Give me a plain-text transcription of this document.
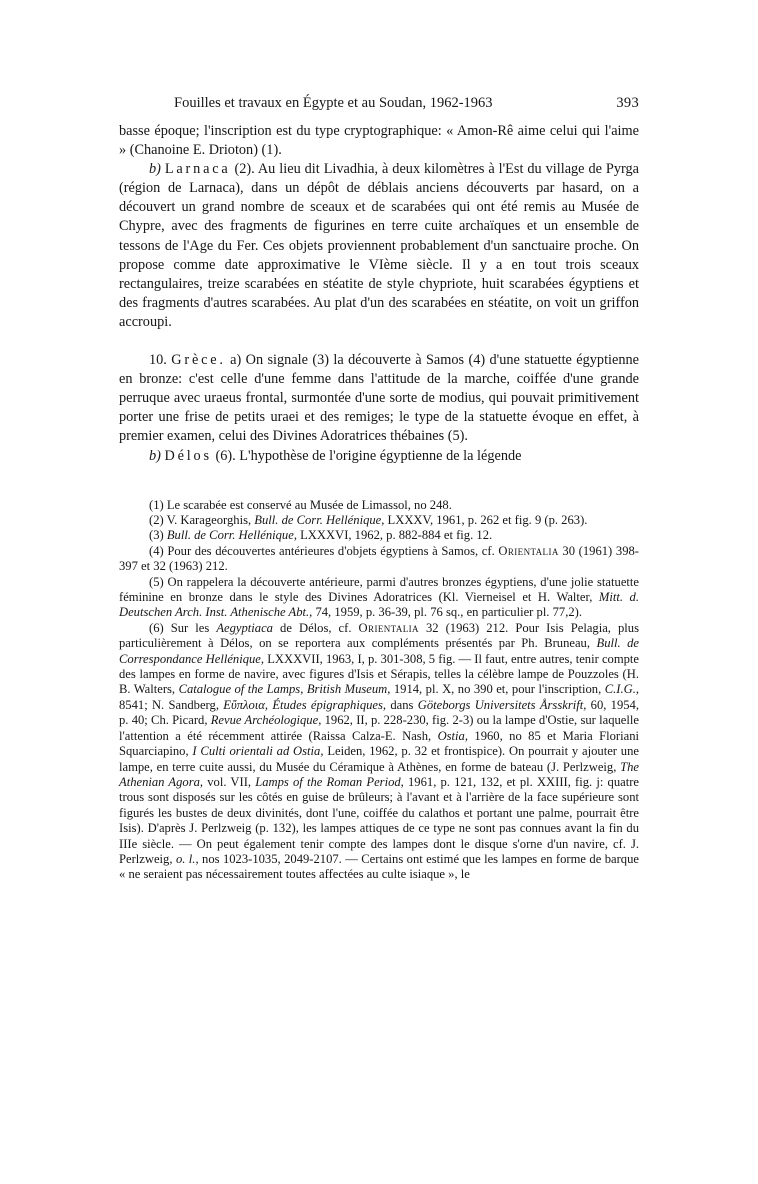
Fouilles et travaux en Égypte et au Soudan, 1962-1963	393

basse époque; l'inscription est du type cryptographique: « Amon-Rê aime celui qui l'aime » (Chanoine E. Drioton) (1).

b) Larnaca (2). Au lieu dit Livadhia, à deux kilomètres à l'Est du village de Pyrga (région de Larnaca), dans un dépôt de déblais anciens découverts par hasard, on a découvert un grand nombre de sceaux et de scarabées qui ont été remis au Musée de Chypre, avec des fragments de figurines en terre cuite archaïques et un ensemble de tessons de l'Age du Fer. Ces objets proviennent probablement d'un sanctuaire proche. On propose comme date approximative le VIème siècle. Il y a en tout trois sceaux rectangulaires, treize scarabées en stéatite de style chypriote, huit scarabées égyptiens et des fragments d'autres scarabées. Au plat d'un des scarabées en stéatite, on voit un griffon accroupi.

10. Grèce. a) On signale (3) la découverte à Samos (4) d'une statuette égyptienne en bronze: c'est celle d'une femme dans l'attitude de la marche, coiffée d'une grande perruque avec uraeus frontal, surmontée d'une sorte de modius, qui pouvait primitivement porter une frise de petits uraei et des remiges; le type de la statuette évoque en effet, à premier examen, celui des Divines Adoratrices thébaines (5).

b) Délos (6). L'hypothèse de l'origine égyptienne de la légende

(1) Le scarabée est conservé au Musée de Limassol, no 248.

(2) V. Karageorghis, Bull. de Corr. Hellénique, LXXXV, 1961, p. 262 et fig. 9 (p. 263).

(3) Bull. de Corr. Hellénique, LXXXVI, 1962, p. 882-884 et fig. 12.

(4) Pour des découvertes antérieures d'objets égyptiens à Samos, cf. Orientalia 30 (1961) 398-397 et 32 (1963) 212.

(5) On rappelera la découverte antérieure, parmi d'autres bronzes égyptiens, d'une jolie statuette féminine en bronze dans le style des Divines Adoratrices (Kl. Vierneisel et H. Walter, Mitt. d. Deutschen Arch. Inst. Athenische Abt., 74, 1959, p. 36-39, pl. 76 sq., en particulier pl. 77,2).

(6) Sur les Aegyptiaca de Délos, cf. Orientalia 32 (1963) 212. Pour Isis Pelagia, plus particulièrement à Délos, on se reportera aux compléments présentés par Ph. Bruneau, Bull. de Correspondance Hellénique, LXXXVII, 1963, I, p. 301-308, 5 fig. — Il faut, entre autres, tenir compte des lampes en forme de navire, avec figures d'Isis et Sérapis, telles la célèbre lampe de Pouzzoles (H. B. Walters, Catalogue of the Lamps, British Museum, 1914, pl. X, no 390 et, pour l'inscription, C.I.G., 8541; N. Sandberg, Εὔπλοια, Études épigraphiques, dans Göteborgs Universitets Årsskrift, 60, 1954, p. 40; Ch. Picard, Revue Archéologique, 1962, II, p. 228-230, fig. 2-3) ou la lampe d'Ostie, sur laquelle l'attention a été récemment attirée (Raissa Calza-E. Nash, Ostia, 1960, no 85 et Maria Floriani Squarciapino, I Culti orientali ad Ostia, Leiden, 1962, p. 32 et frontispice). On pourrait y ajouter une lampe, en terre cuite aussi, du Musée du Céramique à Athènes, en forme de bateau (J. Perlzweig, The Athenian Agora, vol. VII, Lamps of the Roman Period, 1961, p. 121, 132, et pl. XXIII, fig. j: quatre trous sont disposés sur les côtés en guise de brûleurs; à l'avant et à l'arrière de la face supérieure sont figurés les bustes de deux divinités, dont l'une, coiffée du calathos et portant une palme, pourrait être Isis). D'après J. Perlzweig (p. 132), les lampes attiques de ce type ne sont pas connues avant la fin du IIIe siècle. — On peut également tenir compte des lampes dont le disque s'orne d'un navire, cf. J. Perlzweig, o. l., nos 1023-1035, 2049-2107. — Certains ont estimé que les lampes en forme de barque « ne seraient pas nécessairement toutes affectées au culte isiaque », le
